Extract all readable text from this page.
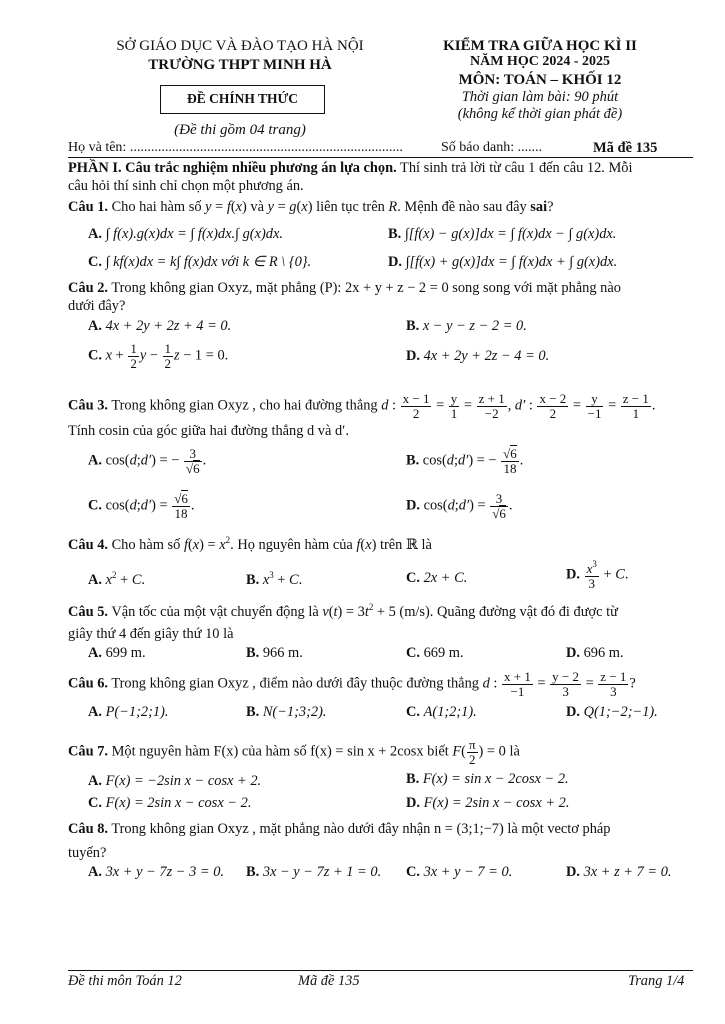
SỞ GIÁO DỤC VÀ ĐÀO TẠO HÀ NỘI
TRƯỜNG THPT MINH HÀ
ĐỀ CHÍNH THỨC
(Đề thi gồm 04 trang)
KIỂM TRA GIỮA HỌC KÌ II
NĂM HỌC 2024 - 2025
MÔN: TOÁN – KHỐI 12
Thời gian làm bài: 90 phút
(không kể thời gian phát đề)
Họ và tên: ..............................................................................	Số báo danh: .......	Mã đề 135
PHẦN I. Câu trắc nghiệm nhiều phương án lựa chọn. Thí sinh trả lời từ câu 1 đến câu 12. Mỗi
câu hỏi thí sinh chỉ chọn một phương án.
Câu 1. Cho hai hàm số y = f(x) và y = g(x) liên tục trên R. Mệnh đề nào sau đây sai?
A. ∫ f(x).g(x)dx = ∫ f(x)dx.∫ g(x)dx.	B. ∫[f(x) − g(x)]dx = ∫ f(x)dx − ∫ g(x)dx.
C. ∫ kf(x)dx = k∫ f(x)dx với k ∈ R \ {0}.	D. ∫[f(x) + g(x)]dx = ∫ f(x)dx + ∫ g(x)dx.
Câu 2. Trong không gian Oxyz, mặt phẳng (P): 2x + y + z − 2 = 0 song song với mặt phẳng nào
dưới đây?
A. 4x + 2y + 2z + 4 = 0.	B. x − y − z − 2 = 0.
C. $x + \frac{1}{2}$ $y - \frac{1}{2}$ z − 1 = 0.	D. 4x + 2y + 2z − 4 = 0.
Câu 3. Trong không gian Oxyz , cho hai đường thẳng d : $\frac{x - 1}{2} = \frac{y}{1} = \frac{z + 1}{-2}$ , d′ : $\frac{x - 2}{2} = \frac{y}{-1} = \frac{z - 1}{1}$ .
Tính cosin của góc giữa hai đường thẳng d và d′.
A. cos(d;d′) = − $\frac{3}{√6}$ .	B. cos(d;d′) = − $\frac{√6}{18}$ .
C. cos(d;d′) = $\frac{√6}{18}$ .	D. cos(d;d′) = $\frac{3}{√6}$ .
Câu 4. Cho hàm số $f(x) = x^2$. Họ nguyên hàm của f(x) trên ℝ là
A. $x^2 + C$.	B. $x^3 + C$.	C. 2x + C.	D. $\frac{x^3}{3} + C$.
Câu 5. Vận tốc của một vật chuyển động là $v(t) = 3t^2 + 5$ (m/s). Quãng đường vật đó đi được từ
giây thứ 4 đến giây thứ 10 là
A. 699 m.	B. 966 m.	C. 669 m.	D. 696 m.
Câu 6. Trong không gian Oxyz , điểm nào dưới đây thuộc đường thẳng d : $\frac{x + 1}{-1} = \frac{y - 2}{3} = \frac{z - 1}{3}$ ?
A. P(−1;2;1).	B. N(−1;3;2).	C. A(1;2;1).	D. Q(1;−2;−1).
Câu 7. Một nguyên hàm F(x) của hàm số f(x) = sin x + 2cosx biết $F( \frac{\pi}{2}$ ) = 0 là
A. F(x) = −2sin x − cosx + 2.	B. F(x) = sin x − 2cosx − 2.
C. F(x) = 2sin x − cosx − 2.	D. F(x) = 2sin x − cosx + 2.
Câu 8. Trong không gian Oxyz , mặt phẳng nào dưới đây nhận n = (3;1;−7) là một vectơ pháp
tuyến?
A. 3x + y − 7z − 3 = 0. B. 3x − y − 7z + 1 = 0. C. 3x + y − 7 = 0.	D. 3x + z + 7 = 0.
Đề thi môn Toán 12	Mã đề 135	Trang 1/4
